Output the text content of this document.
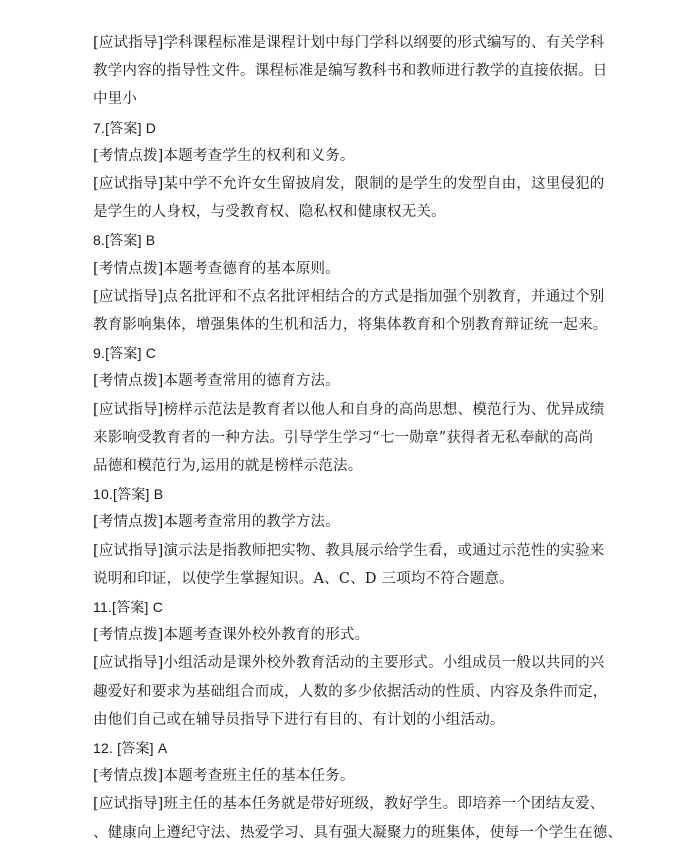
[应试指导]学科课程标准是课程计划中每门学科以纲要的形式编写的、有关学科
教学内容的指导性文件。课程标准是编写教科书和教师进行教学的直接依据。日
中里小
7.[答案] D
[考情点拨]本题考查学生的权利和义务。
[应试指导]某中学不允许女生留披肩发，限制的是学生的发型自由，这里侵犯的
是学生的人身权，与受教育权、隐私权和健康权无关。
8.[答案] B
[考情点拨]本题考查德育的基本原则。
[应试指导]点名批评和不点名批评相结合的方式是指加强个别教育，并通过个别
教育影响集体，增强集体的生机和活力，将集体教育和个别教育辩证统一起来。
9.[答案] C
[考情点拨]本题考查常用的德育方法。
[应试指导]榜样示范法是教育者以他人和自身的高尚思想、模范行为、优异成绩
来影响受教育者的一种方法。引导学生学习“七一勋章”获得者无私奉献的高尚
品德和模范行为,运用的就是榜样示范法。
10.[答案] B
[考情点拨]本题考查常用的教学方法。
[应试指导]演示法是指教师把实物、教具展示给学生看，或通过示范性的实验来
说明和印证，以使学生掌握知识。A、C、D 三项均不符合题意。
11.[答案] C
[考情点拨]本题考查课外校外教育的形式。
[应试指导]小组活动是课外校外教育活动的主要形式。小组成员一般以共同的兴
趣爱好和要求为基础组合而成，人数的多少依据活动的性质、内容及条件而定，
由他们自己或在辅导员指导下进行有目的、有计划的小组活动。
12. [答案] A
[考情点拨]本题考查班主任的基本任务。
[应试指导]班主任的基本任务就是带好班级，教好学生。即培养一个团结友爱、
、健康向上遵纪守法、热爱学习、具有强大凝聚力的班集体，使每一个学生在德、
